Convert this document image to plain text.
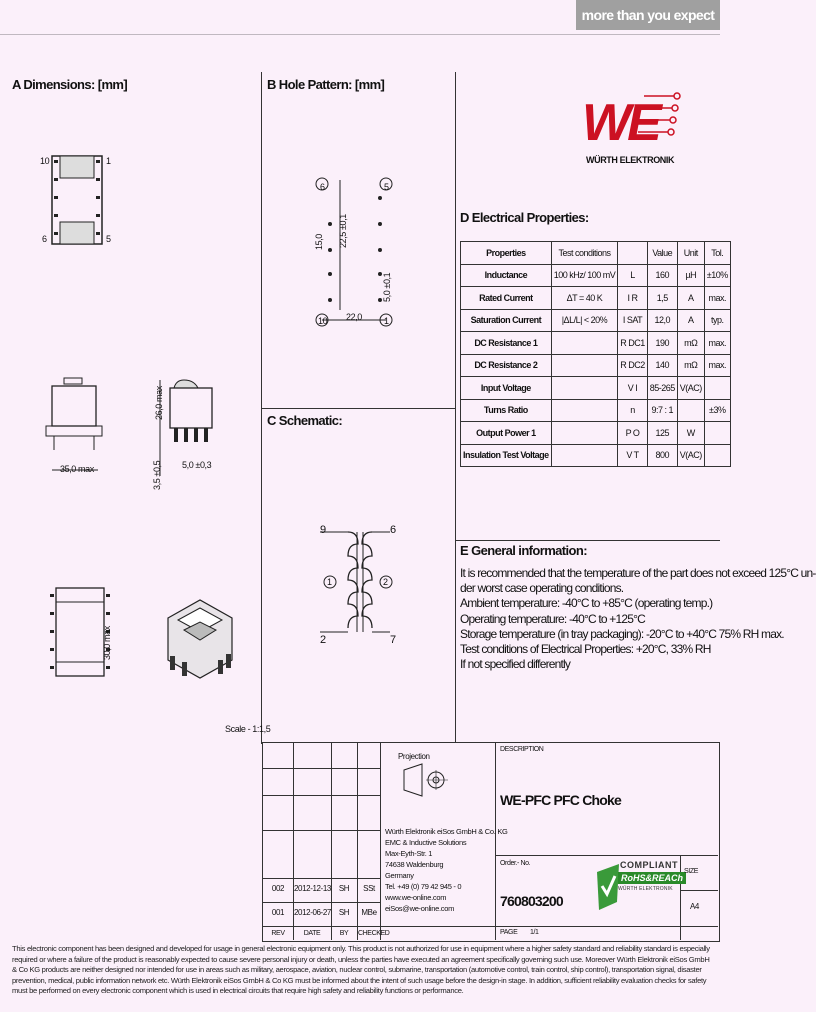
more than you expect
A Dimensions: [mm]	B Hole Pattern: [mm]
C Schematic:
D Electrical Properties:
E General information:
10	1
6	5
35,0 max
26,0 max
5,0 ±0,3
3,5 ±0,5
30,0 max
Scale - 1:1,5
6	5
1
10
22,5 ±0,1
15,0
5,0 ±0,1
22,0
9	6
2	7
1	2
WE
WÜRTH ELEKTRONIK
Properties	Test conditions		Value	Unit	Tol.
Inductance	100 kHz/ 100 mV	L	160	µH	±10%
Rated Current	ΔT = 40 K	I R	1,5	A	max.
Saturation Current	|ΔL/L| < 20%	I SAT	12,0	A	typ.
DC Resistance 1		R DC1	190	mΩ	max.
DC Resistance 2		R DC2	140	mΩ	max.
Input Voltage		V I	85-265	V(AC)	
Turns Ratio		n	9:7 : 1		±3%
Output Power 1		P O	125	W	
Insulation Test Voltage		V T	800	V(AC)	
It is recommended that the temperature of the part does not exceed 125°C un-
der worst case operating conditions.
Ambient temperature: -40°C to +85°C (operating temp.)
Operating temperature: -40°C to +125°C
Storage temperature (in tray packaging): -20°C to +40°C 75% RH max.
Test conditions of Electrical Properties: +20°C, 33% RH
If not specified differently
Projection
Würth Elektronik eiSos GmbH & Co. KG
EMC & Inductive Solutions
Max-Eyth-Str. 1
74638 Waldenburg
Germany
Tel. +49 (0) 79 42 945 - 0
www.we-online.com
eiSos@we-online.com
002	2012-12-13 SH	SSt
001	2012-06-27 SH	MBe
REV	DATE	BY	CHECKED
DESCRIPTION
WE-PFC PFC Choke
Order.- No.
760803200
COMPLIANT
RoHS&REACh
WÜRTH ELEKTRONIK
SIZE
A4
PAGE 1/1
This electronic component has been designed and developed for usage in general electronic equipment only. This product is not authorized for use in equipment where a higher safety standard and reliability standard is especially required or where a failure of the product is reasonably expected to cause severe personal injury or death, unless the parties have executed an agreement specifically governing such use. Moreover Würth Elektronik eiSos GmbH & Co KG products are neither designed nor intended for use in areas such as military, aerospace, aviation, nuclear control, submarine, transportation (automotive control, train control, ship control), transportation signal, disaster prevention, medical, public information network etc. Würth Elektronik eiSos GmbH & Co KG must be informed about the intent of such usage before the design-in stage. In addition, sufficient reliability evaluation checks for safety must be performed on every electronic component which is used in electrical circuits that require high safety and reliability functions or performance.
